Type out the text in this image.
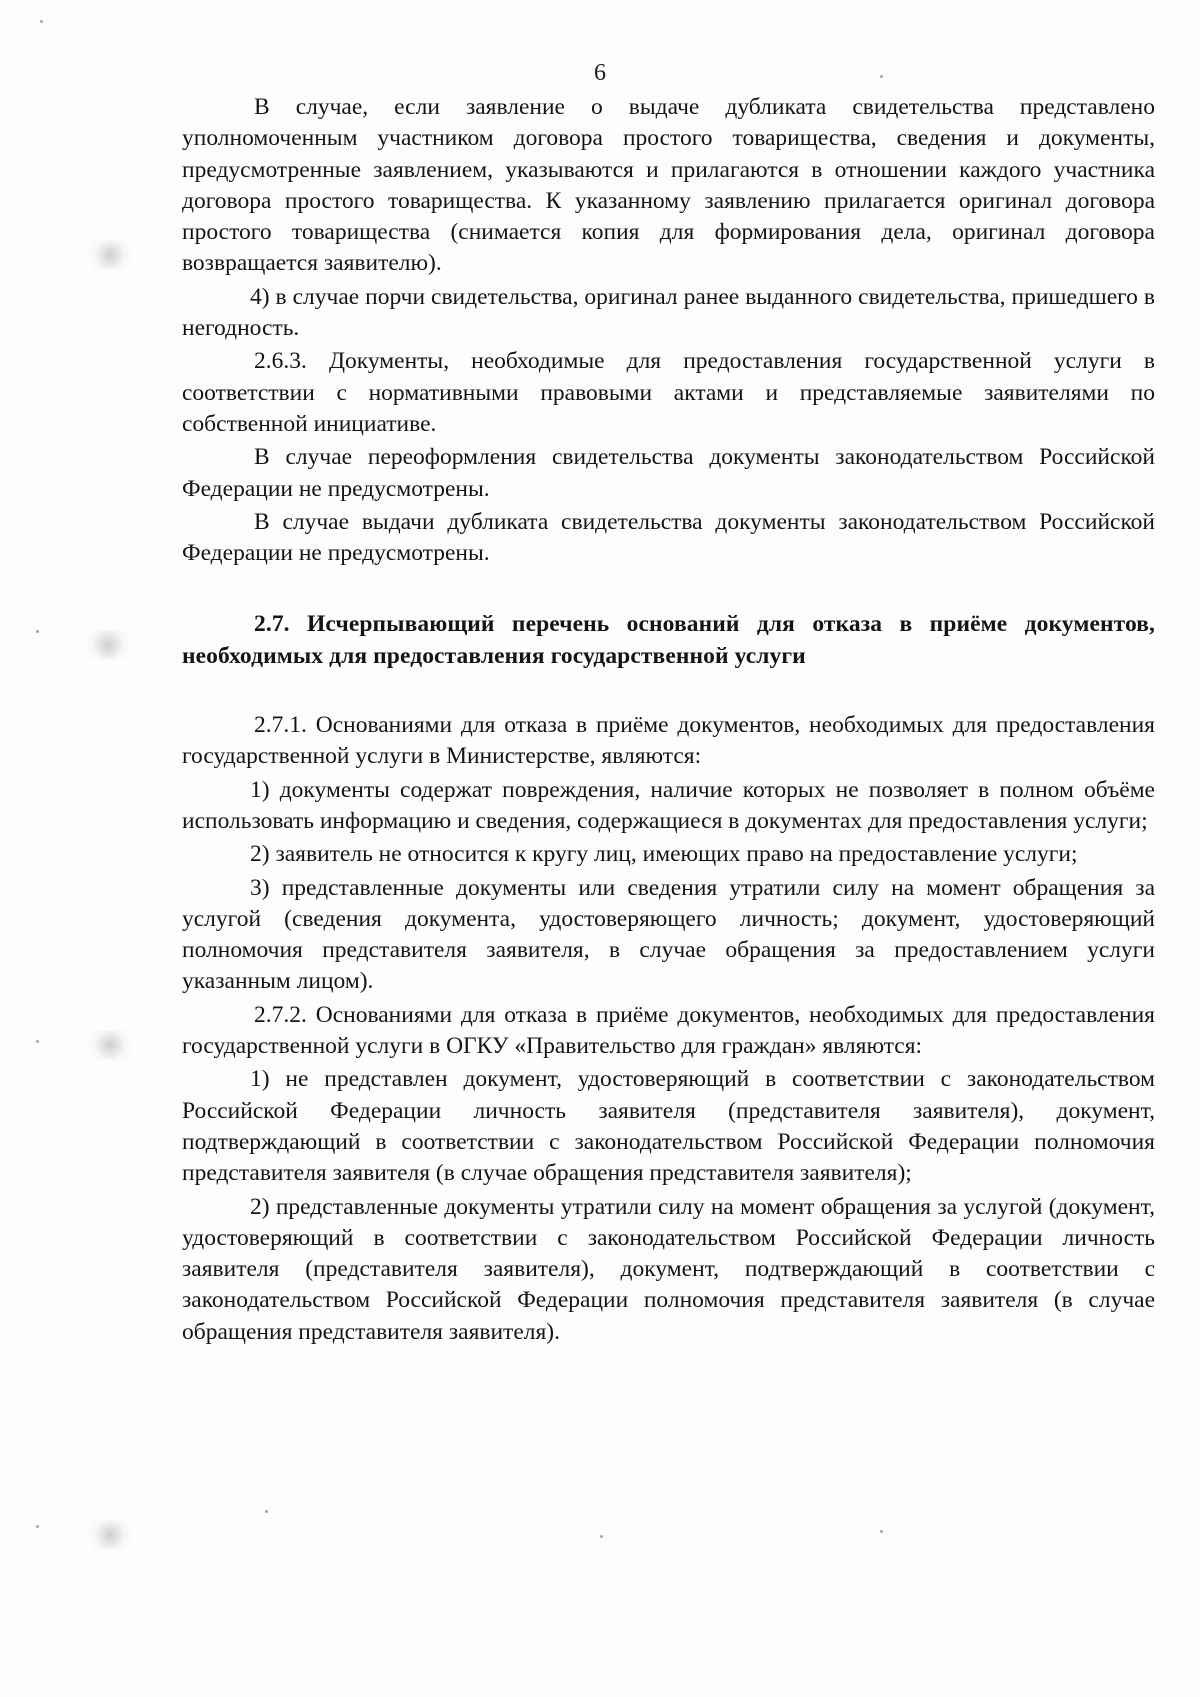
6

В случае, если заявление о выдаче дубликата свидетельства представлено уполномоченным участником договора простого товарищества, сведения и документы, предусмотренные заявлением, указываются и прилагаются в отношении каждого участника договора простого товарищества. К указанному заявлению прилагается оригинал договора простого товарищества (снимается копия для формирования дела, оригинал договора возвращается заявителю).

4) в случае порчи свидетельства, оригинал ранее выданного свидетельства, пришедшего в негодность.

2.6.3. Документы, необходимые для предоставления государственной услуги в соответствии с нормативными правовыми актами и представляемые заявителями по собственной инициативе.

В случае переоформления свидетельства документы законодательством Российской Федерации не предусмотрены.

В случае выдачи дубликата свидетельства документы законодательством Российской Федерации не предусмотрены.

2.7. Исчерпывающий перечень оснований для отказа в приёме документов, необходимых для предоставления государственной услуги

2.7.1. Основаниями для отказа в приёме документов, необходимых для предоставления государственной услуги в Министерстве, являются:

1) документы содержат повреждения, наличие которых не позволяет в полном объёме использовать информацию и сведения, содержащиеся в документах для предоставления услуги;

2) заявитель не относится к кругу лиц, имеющих право на предоставление услуги;

3) представленные документы или сведения утратили силу на момент обращения за услугой (сведения документа, удостоверяющего личность; документ, удостоверяющий полномочия представителя заявителя, в случае обращения за предоставлением услуги указанным лицом).

2.7.2. Основаниями для отказа в приёме документов, необходимых для предоставления государственной услуги в ОГКУ «Правительство для граждан» являются:

1) не представлен документ, удостоверяющий в соответствии с законодательством Российской Федерации личность заявителя (представителя заявителя), документ, подтверждающий в соответствии с законодательством Российской Федерации полномочия представителя заявителя (в случае обращения представителя заявителя);

2) представленные документы утратили силу на момент обращения за услугой (документ, удостоверяющий в соответствии с законодательством Российской Федерации личность заявителя (представителя заявителя), документ, подтверждающий в соответствии с законодательством Российской Федерации полномочия представителя заявителя (в случае обращения представителя заявителя).
